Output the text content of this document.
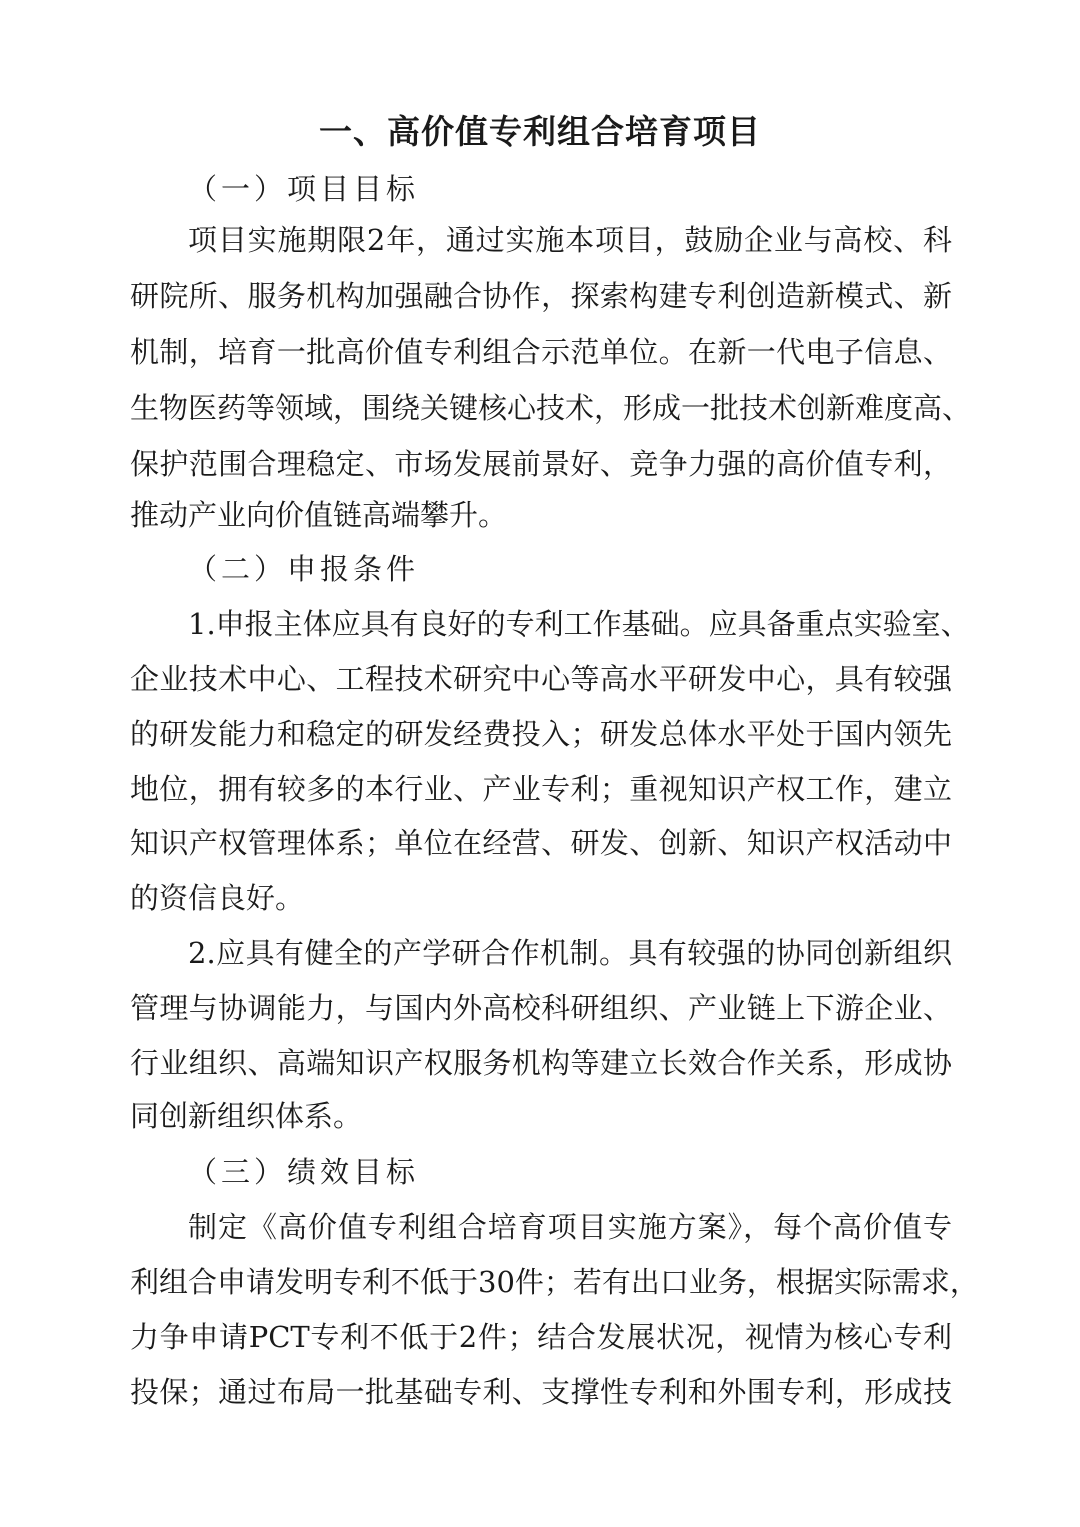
一、高价值专利组合培育项目
（一）项目目标
项目实施期限2年，通过实施本项目，鼓励企业与高校、科
研院所、服务机构加强融合协作，探索构建专利创造新模式、新
机制，培育一批高价值专利组合示范单位。在新一代电子信息、
生物医药等领域，围绕关键核心技术，形成一批技术创新难度高、
保护范围合理稳定、市场发展前景好、竞争力强的高价值专利，
推动产业向价值链高端攀升。
（二）申报条件
1.申报主体应具有良好的专利工作基础。应具备重点实验室、
企业技术中心、工程技术研究中心等高水平研发中心，具有较强
的研发能力和稳定的研发经费投入；研发总体水平处于国内领先
地位，拥有较多的本行业、产业专利；重视知识产权工作，建立
知识产权管理体系；单位在经营、研发、创新、知识产权活动中
的资信良好。
2.应具有健全的产学研合作机制。具有较强的协同创新组织
管理与协调能力，与国内外高校科研组织、产业链上下游企业、
行业组织、高端知识产权服务机构等建立长效合作关系，形成协
同创新组织体系。
（三）绩效目标
制定《高价值专利组合培育项目实施方案》，每个高价值专
利组合申请发明专利不低于30件；若有出口业务，根据实际需求，
力争申请PCT专利不低于2件；结合发展状况，视情为核心专利
投保；通过布局一批基础专利、支撑性专利和外围专利，形成技
